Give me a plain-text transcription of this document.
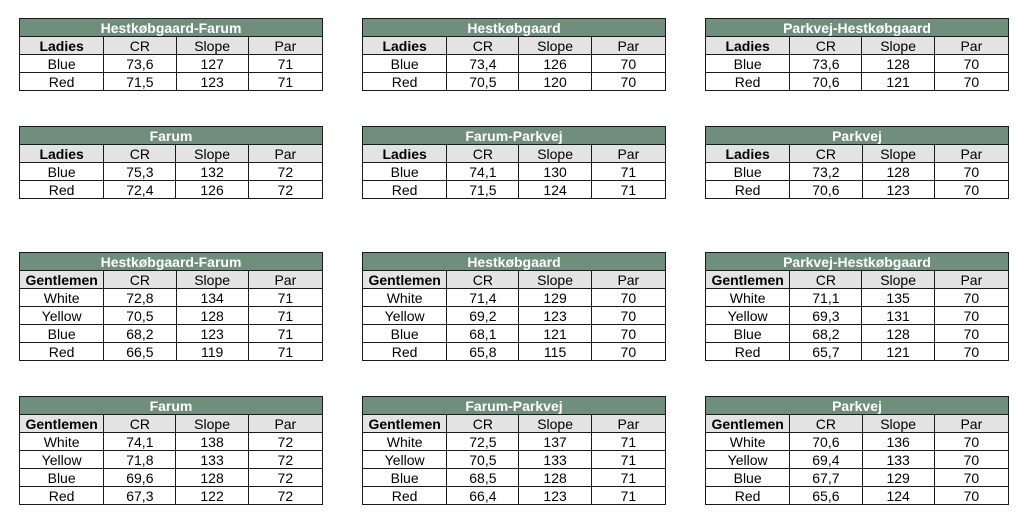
Hestkøbgaard-Farum			
Ladies	CR	Slope	Par
Blue	73,6	127	71
Red	71,5	123	71
Hestkøbgaard-Farum			
Gentlemen	CR	Slope	Par
White	72,8	134	71
Yellow	70,5	128	71
Blue	68,2	123	71
Red	66,5	119	71
Hestkøbgaard			
Ladies	CR	Slope	Par
Blue	73,4	126	70
Red	70,5	120	70
Hestkøbgaard			
Gentlemen	CR	Slope	Par
White	71,4	129	70
Yellow	69,2	123	70
Blue	68,1	121	70
Red	65,8	115	70
Parkvej-Hestkøbgaard			
Ladies	CR	Slope	Par
Blue	73,6	128	70
Red	70,6	121	70
Parkvej-Hestkøbgaard			
Gentlemen	CR	Slope	Par
White	71,1	135	70
Yellow	69,3	131	70
Blue	68,2	128	70
Red	65,7	121	70
Farum			
Ladies	CR	Slope	Par
Blue	75,3	132	72
Red	72,4	126	72
Farum			
Gentlemen	CR	Slope	Par
White	74,1	138	72
Yellow	71,8	133	72
Blue	69,6	128	72
Red	67,3	122	72
Farum-Parkvej			
Ladies	CR	Slope	Par
Blue	74,1	130	71
Red	71,5	124	71
Farum-Parkvej			
Gentlemen	CR	Slope	Par
White	72,5	137	71
Yellow	70,5	133	71
Blue	68,5	128	71
Red	66,4	123	71
Parkvej			
Ladies	CR	Slope	Par
Blue	73,2	128	70
Red	70,6	123	70
Parkvej			
Gentlemen	CR	Slope	Par
White	70,6	136	70
Yellow	69,4	133	70
Blue	67,7	129	70
Red	65,6	124	70
